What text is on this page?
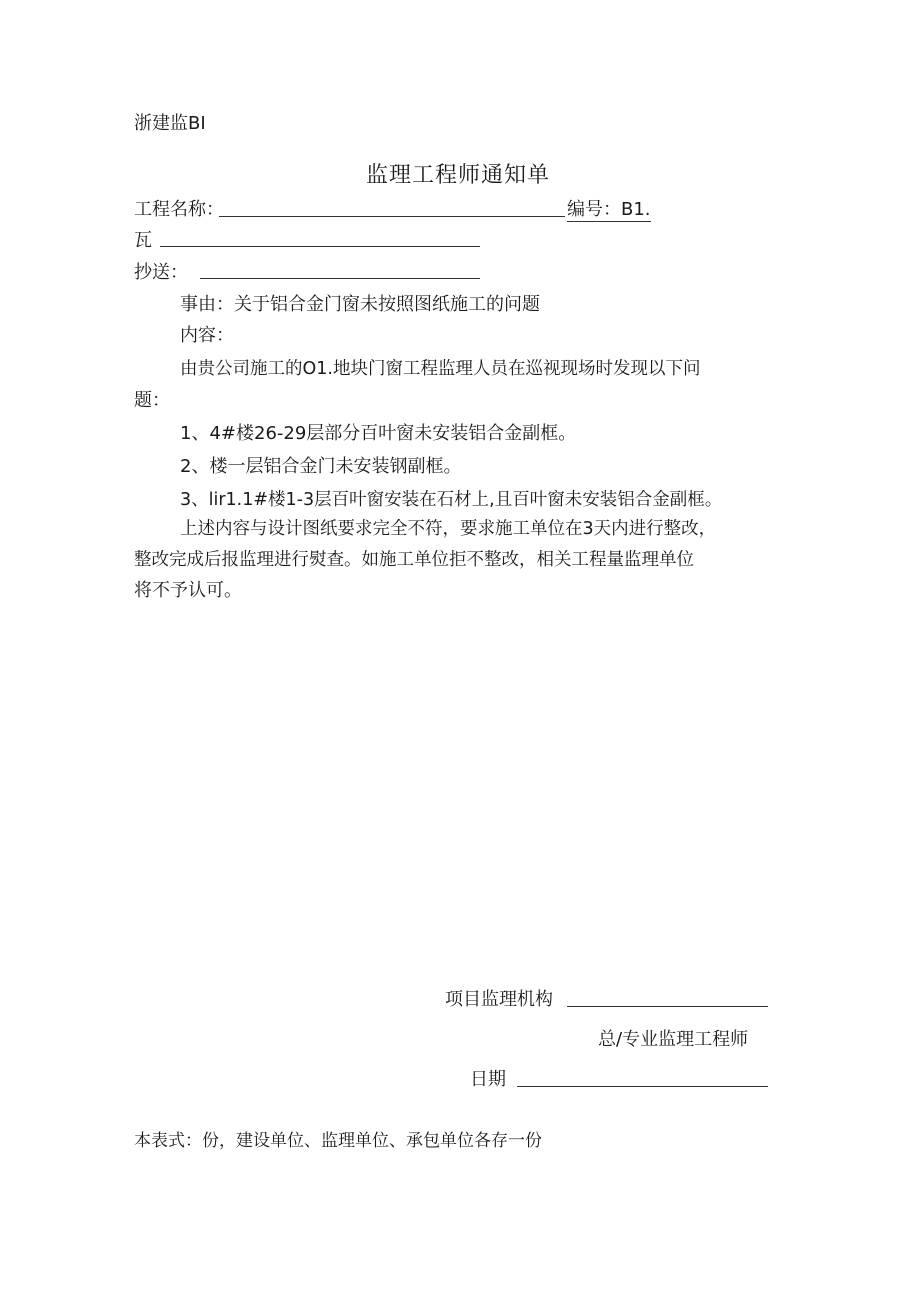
浙建监BI
监理工程师通知单
工程名称：	编号：B1.
瓦
抄送：
事由：关于铝合金门窗未按照图纸施工的问题
内容：
由贵公司施工的O1.地块门窗工程监理人员在巡视现场时发现以下问
题：
1、4#楼26-29层部分百叶窗未安装铝合金副框。
2、楼一层铝合金门未安装钢副框。
3、lir1.1#楼1-3层百叶窗安装在石材上,且百叶窗未安装铝合金副框。
上述内容与设计图纸要求完全不符，要求施工单位在3天内进行整改，
整改完成后报监理进行熨查。如施工单位拒不整改，相关工程量监理单位
将不予认可。
项目监理机构
总/专业监理工程师
日期
本表式：份，建设单位、监理单位、承包单位各存一份
